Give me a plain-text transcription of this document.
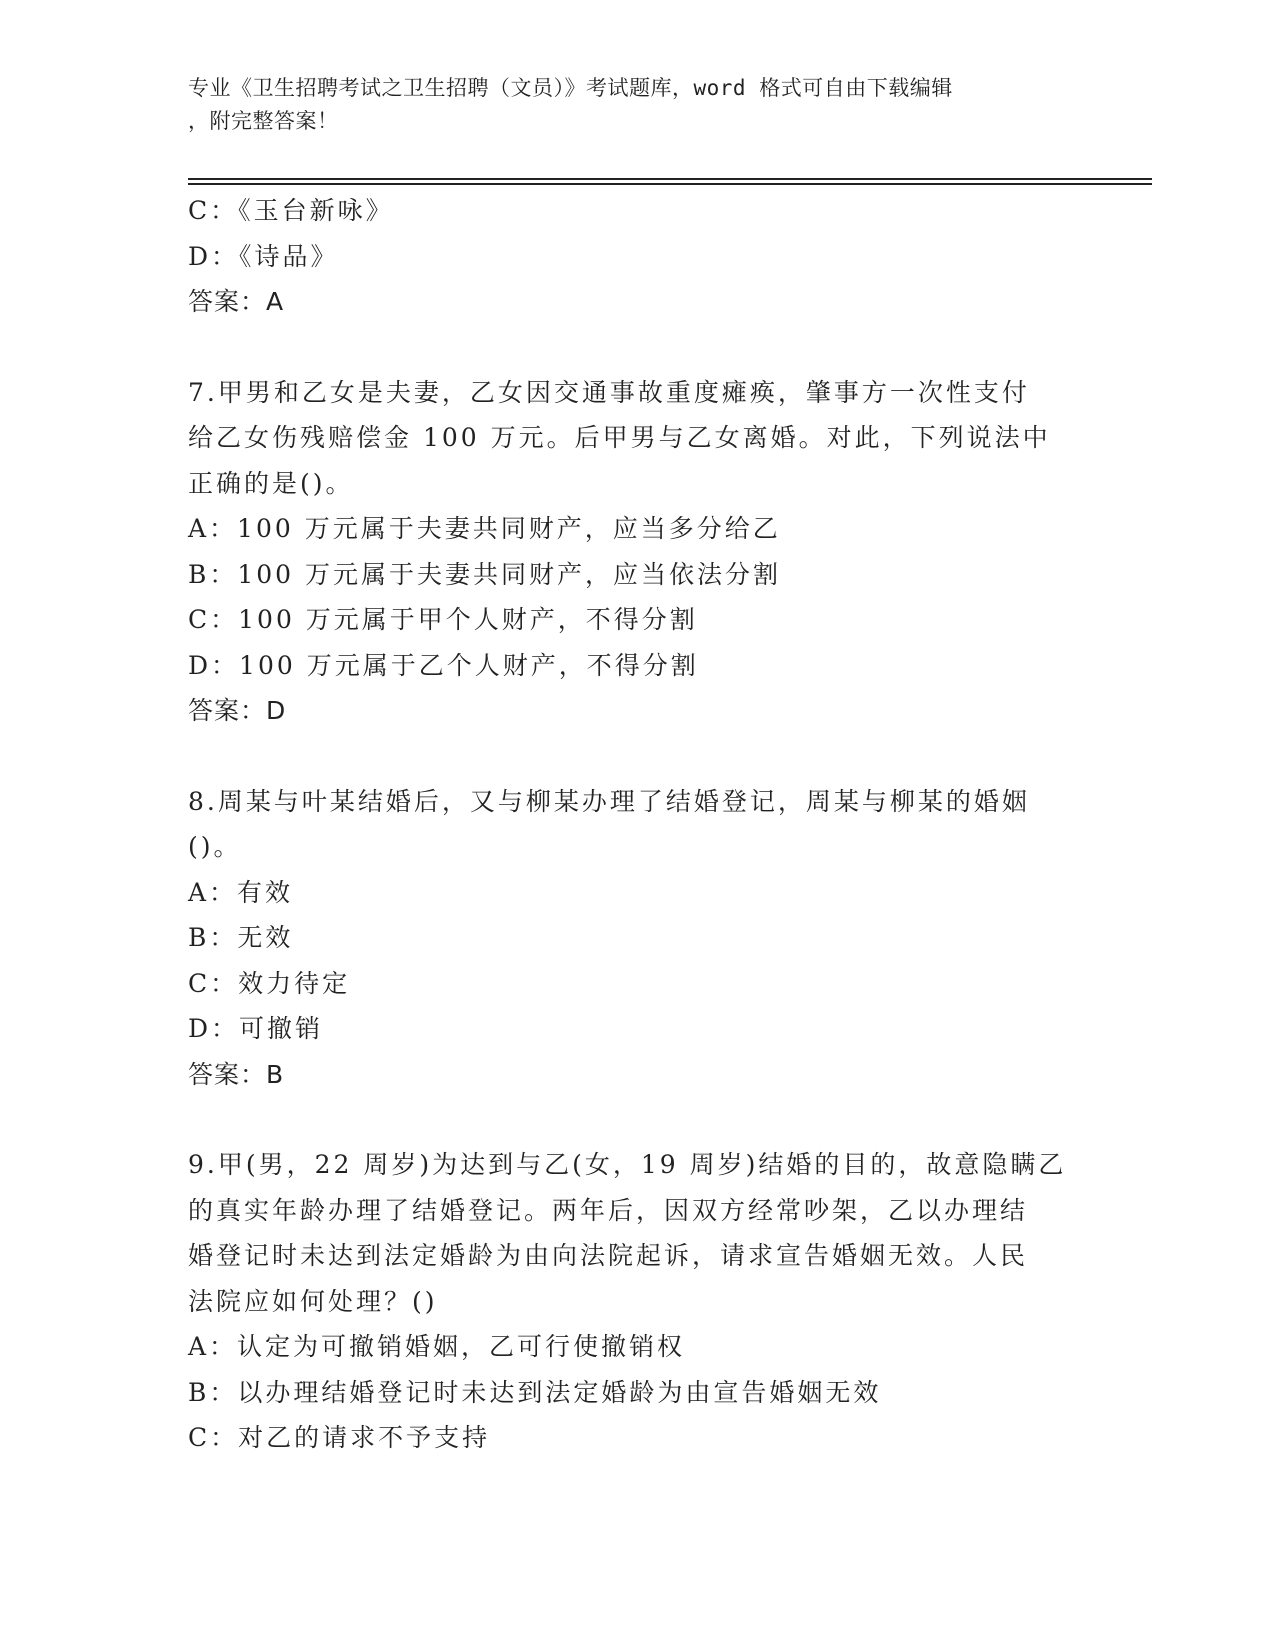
专业《卫生招聘考试之卫生招聘（文员）》考试题库，word 格式可自由下载编辑
，附完整答案！
C：《玉台新咏》
D：《诗品》
答案：A
7.甲男和乙女是夫妻，乙女因交通事故重度瘫痪，肇事方一次性支付
给乙女伤残赔偿金 100 万元。后甲男与乙女离婚。对此，下列说法中
正确的是()。
A：100 万元属于夫妻共同财产，应当多分给乙
B：100 万元属于夫妻共同财产，应当依法分割
C：100 万元属于甲个人财产，不得分割
D：100 万元属于乙个人财产，不得分割
答案：D
8.周某与叶某结婚后，又与柳某办理了结婚登记，周某与柳某的婚姻
()。
A：有效
B：无效
C：效力待定
D：可撤销
答案：B
9.甲(男，22 周岁)为达到与乙(女，19 周岁)结婚的目的，故意隐瞒乙
的真实年龄办理了结婚登记。两年后，因双方经常吵架，乙以办理结
婚登记时未达到法定婚龄为由向法院起诉，请求宣告婚姻无效。人民
法院应如何处理？()
A：认定为可撤销婚姻，乙可行使撤销权
B：以办理结婚登记时未达到法定婚龄为由宣告婚姻无效
C：对乙的请求不予支持
